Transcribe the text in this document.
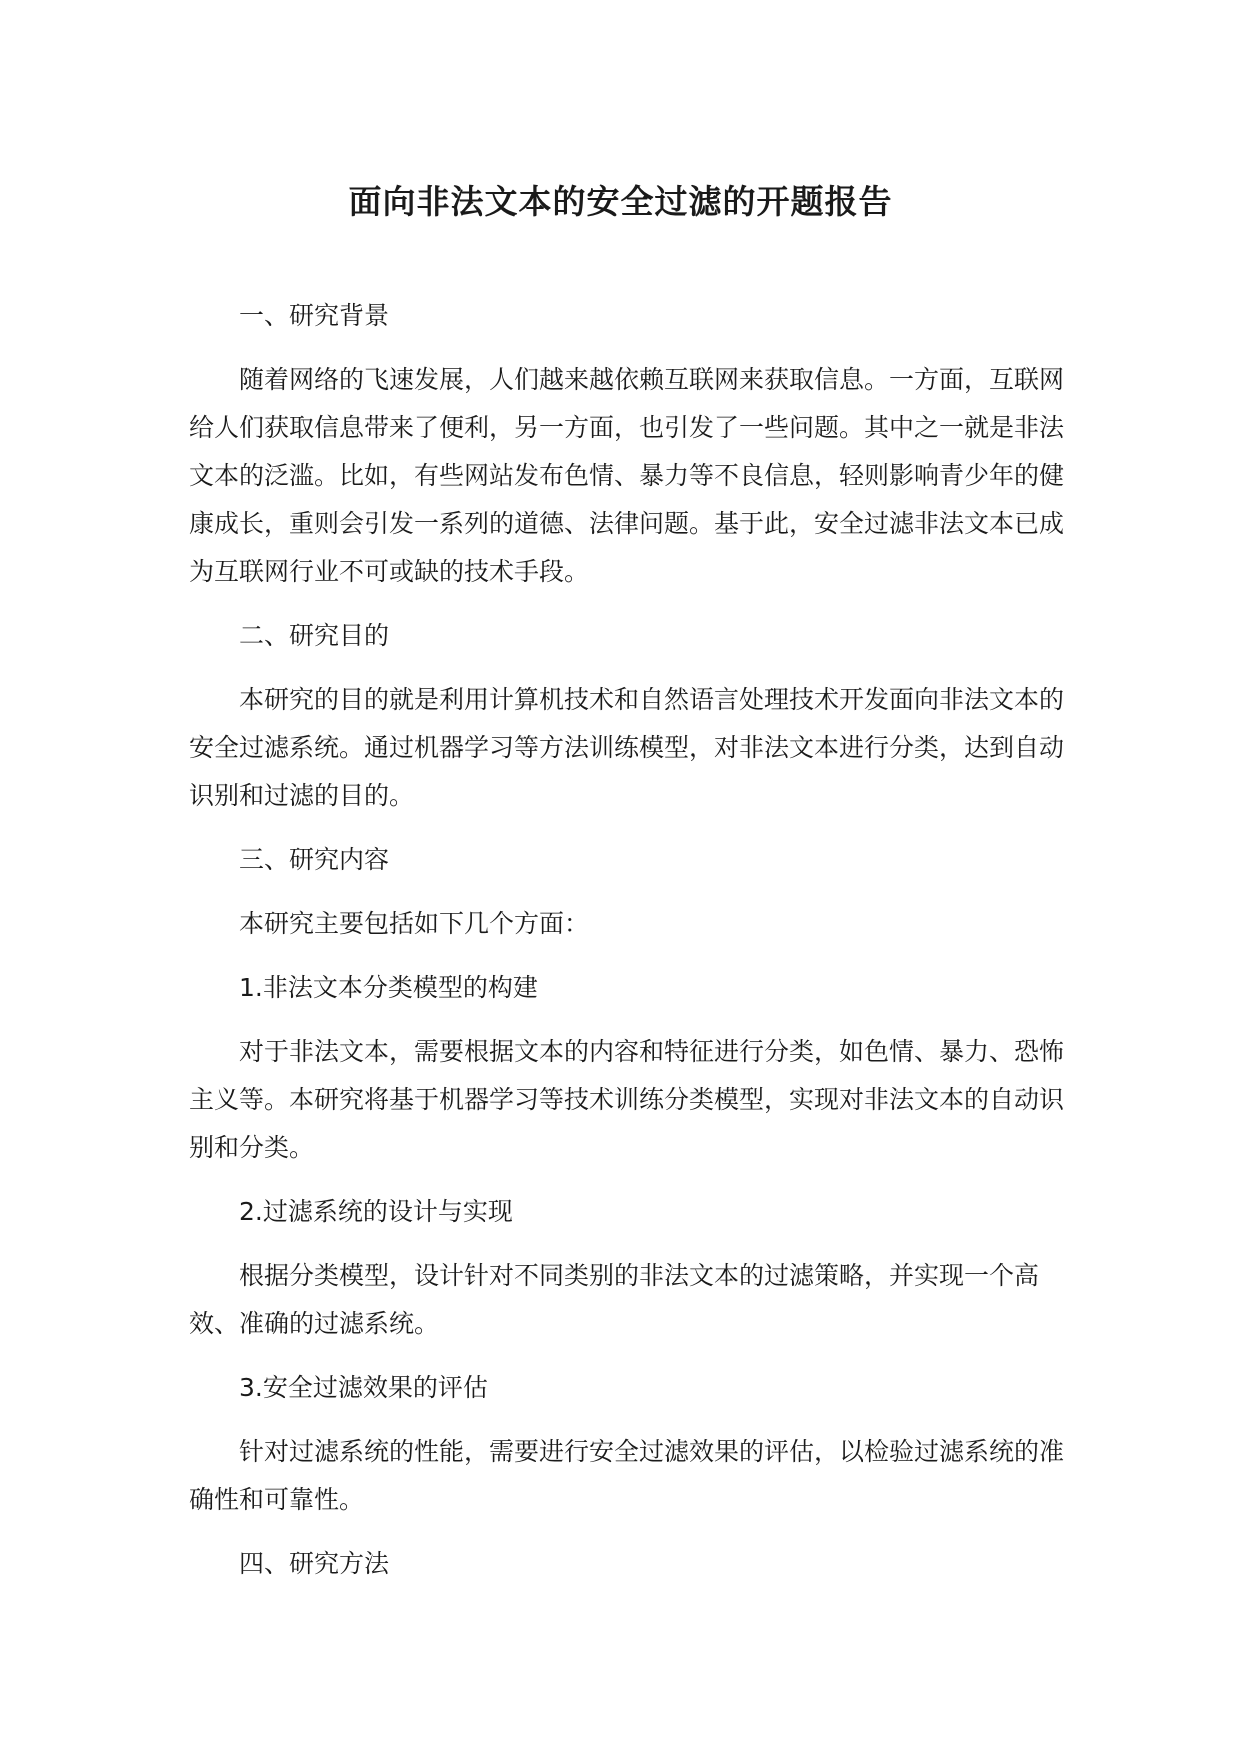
面向非法文本的安全过滤的开题报告

一、研究背景

随着网络的飞速发展，人们越来越依赖互联网来获取信息。一方面，互联网给人们获取信息带来了便利，另一方面，也引发了一些问题。其中之一就是非法文本的泛滥。比如，有些网站发布色情、暴力等不良信息，轻则影响青少年的健康成长，重则会引发一系列的道德、法律问题。基于此，安全过滤非法文本已成为互联网行业不可或缺的技术手段。

二、研究目的

本研究的目的就是利用计算机技术和自然语言处理技术开发面向非法文本的安全过滤系统。通过机器学习等方法训练模型，对非法文本进行分类，达到自动识别和过滤的目的。

三、研究内容

本研究主要包括如下几个方面：

1.非法文本分类模型的构建

对于非法文本，需要根据文本的内容和特征进行分类，如色情、暴力、恐怖主义等。本研究将基于机器学习等技术训练分类模型，实现对非法文本的自动识别和分类。

2.过滤系统的设计与实现

根据分类模型，设计针对不同类别的非法文本的过滤策略，并实现一个高效、准确的过滤系统。

3.安全过滤效果的评估

针对过滤系统的性能，需要进行安全过滤效果的评估，以检验过滤系统的准确性和可靠性。

四、研究方法
